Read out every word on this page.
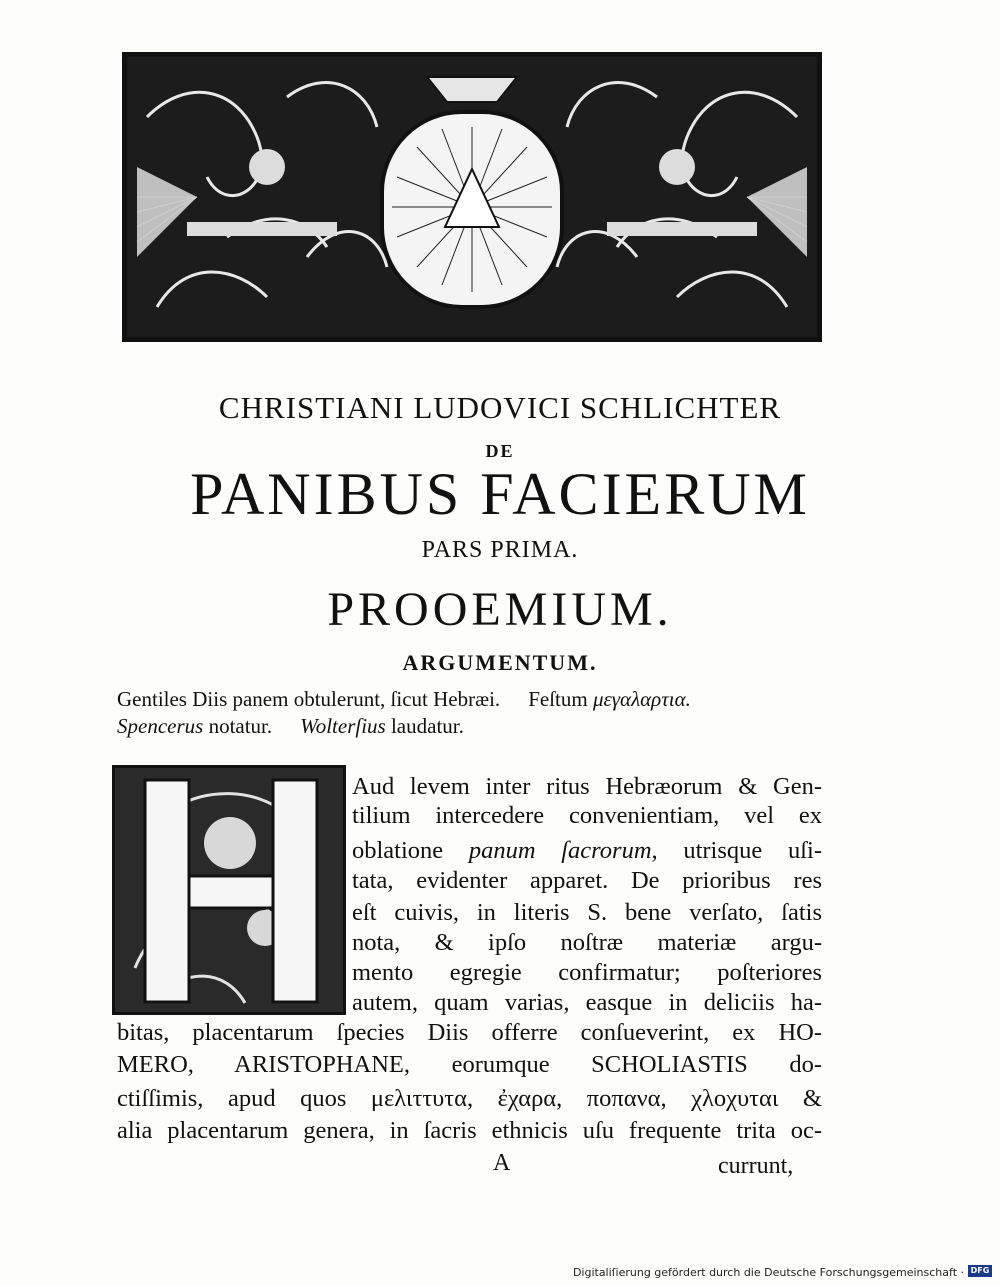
CHRISTIANI LUDOVICI SCHLICHTER
DE
PANIBUS FACIERUM
PARS PRIMA.
PROOEMIUM.
ARGUMENTUM.
Gentiles Diis panem obtulerunt, ſicut Hebræi. Feſtum μεγαλαρτια.
Spencerus notatur. Wolterſius laudatur.
H
Aud levem inter ritus Hebræorum & Gen-
tilium intercedere convenientiam, vel ex
oblatione panum ſacrorum, utrisque uſi-
tata, evidenter apparet. De prioribus res
eſt cuivis, in literis S. bene verſato, ſatis
nota, & ipſo noſtræ materiæ argu-
mento egregie confirmatur; poſteriores
autem, quam varias, easque in deliciis ha-
bitas, placentarum ſpecies Diis offerre conſueverint, ex HO-
MERO, ARISTOPHANE, eorumque SCHOLIASTIS do-
ctiſſimis, apud quos μελιττυτα, ἐχαρα, ποπανα, χλοχυται &
alia placentarum genera, in ſacris ethnicis uſu frequente trita oc-
A	currunt,
Digitaliſierung gefördert durch die Deutsche Forschungsgemeinschaft · DFG
